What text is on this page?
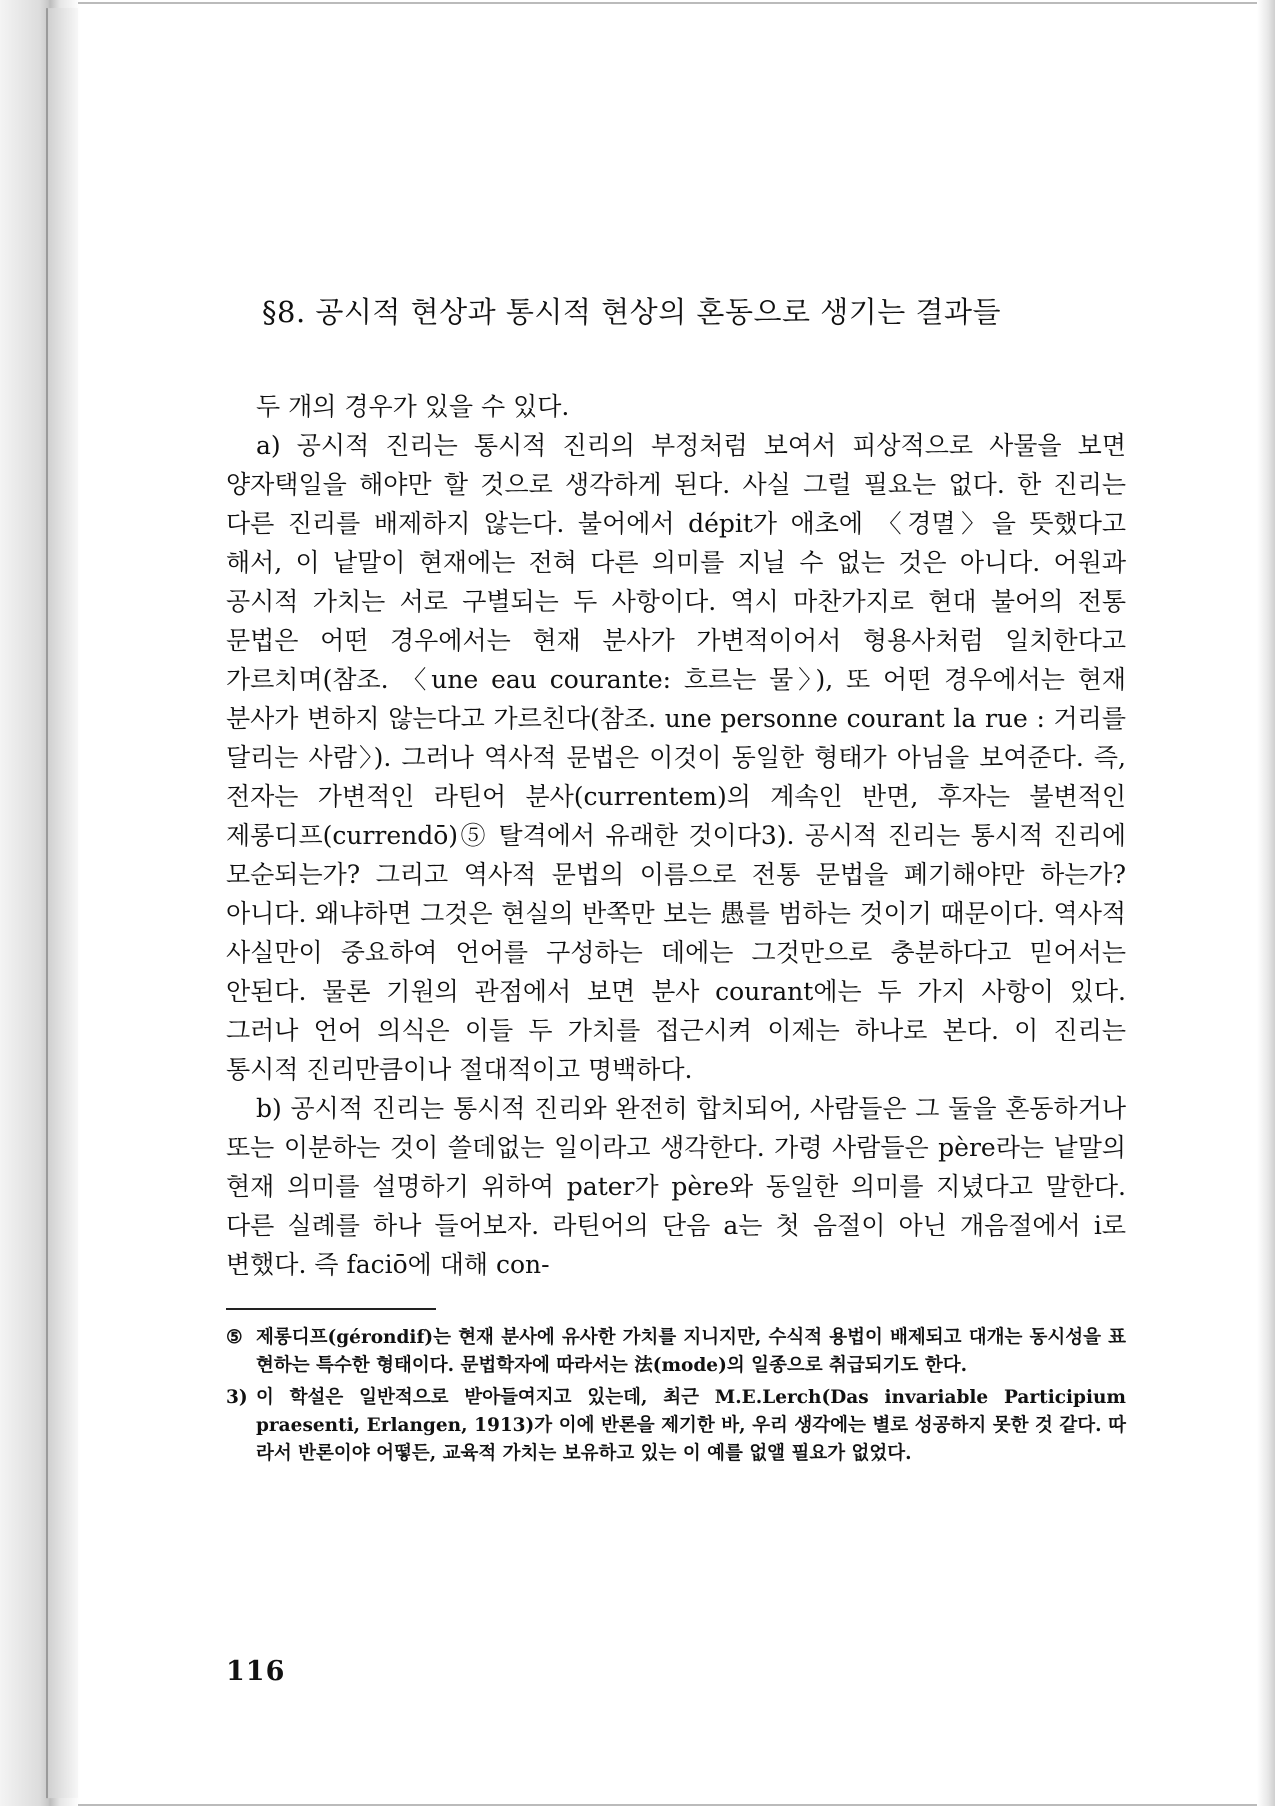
§8. 공시적 현상과 통시적 현상의 혼동으로 생기는 결과들

두 개의 경우가 있을 수 있다.

a) 공시적 진리는 통시적 진리의 부정처럼 보여서 피상적으로 사물을 보면 양자택일을 해야만 할 것으로 생각하게 된다. 사실 그럴 필요는 없다. 한 진리는 다른 진리를 배제하지 않는다. 불어에서 dépit가 애초에 〈경멸〉을 뜻했다고 해서, 이 낱말이 현재에는 전혀 다른 의미를 지닐 수 없는 것은 아니다. 어원과 공시적 가치는 서로 구별되는 두 사항이다. 역시 마찬가지로 현대 불어의 전통 문법은 어떤 경우에서는 현재 분사가 가변적이어서 형용사처럼 일치한다고 가르치며(참조. 〈une eau courante: 흐르는 물〉), 또 어떤 경우에서는 현재 분사가 변하지 않는다고 가르친다(참조. une personne courant la rue : 거리를 달리는 사람〉). 그러나 역사적 문법은 이것이 동일한 형태가 아님을 보여준다. 즉, 전자는 가변적인 라틴어 분사(currentem)의 계속인 반면, 후자는 불변적인 제롱디프(currendō)⑤ 탈격에서 유래한 것이다3). 공시적 진리는 통시적 진리에 모순되는가? 그리고 역사적 문법의 이름으로 전통 문법을 폐기해야만 하는가? 아니다. 왜냐하면 그것은 현실의 반쪽만 보는 愚를 범하는 것이기 때문이다. 역사적 사실만이 중요하여 언어를 구성하는 데에는 그것만으로 충분하다고 믿어서는 안된다. 물론 기원의 관점에서 보면 분사 courant에는 두 가지 사항이 있다. 그러나 언어 의식은 이들 두 가치를 접근시켜 이제는 하나로 본다. 이 진리는 통시적 진리만큼이나 절대적이고 명백하다.

b) 공시적 진리는 통시적 진리와 완전히 합치되어, 사람들은 그 둘을 혼동하거나 또는 이분하는 것이 쓸데없는 일이라고 생각한다. 가령 사람들은 père라는 낱말의 현재 의미를 설명하기 위하여 pater가 père와 동일한 의미를 지녔다고 말한다. 다른 실례를 하나 들어보자. 라틴어의 단음 a는 첫 음절이 아닌 개음절에서 i로 변했다. 즉 faciō에 대해 con-

⑤ 제롱디프(gérondif)는 현재 분사에 유사한 가치를 지니지만, 수식적 용법이 배제되고 대개는 동시성을 표현하는 특수한 형태이다. 문법학자에 따라서는 法(mode)의 일종으로 취급되기도 한다.
3) 이 학설은 일반적으로 받아들여지고 있는데, 최근 M.E.Lerch(Das invariable Participium praesenti, Erlangen, 1913)가 이에 반론을 제기한 바, 우리 생각에는 별로 성공하지 못한 것 같다. 따라서 반론이야 어떻든, 교육적 가치는 보유하고 있는 이 예를 없앨 필요가 없었다.
116
